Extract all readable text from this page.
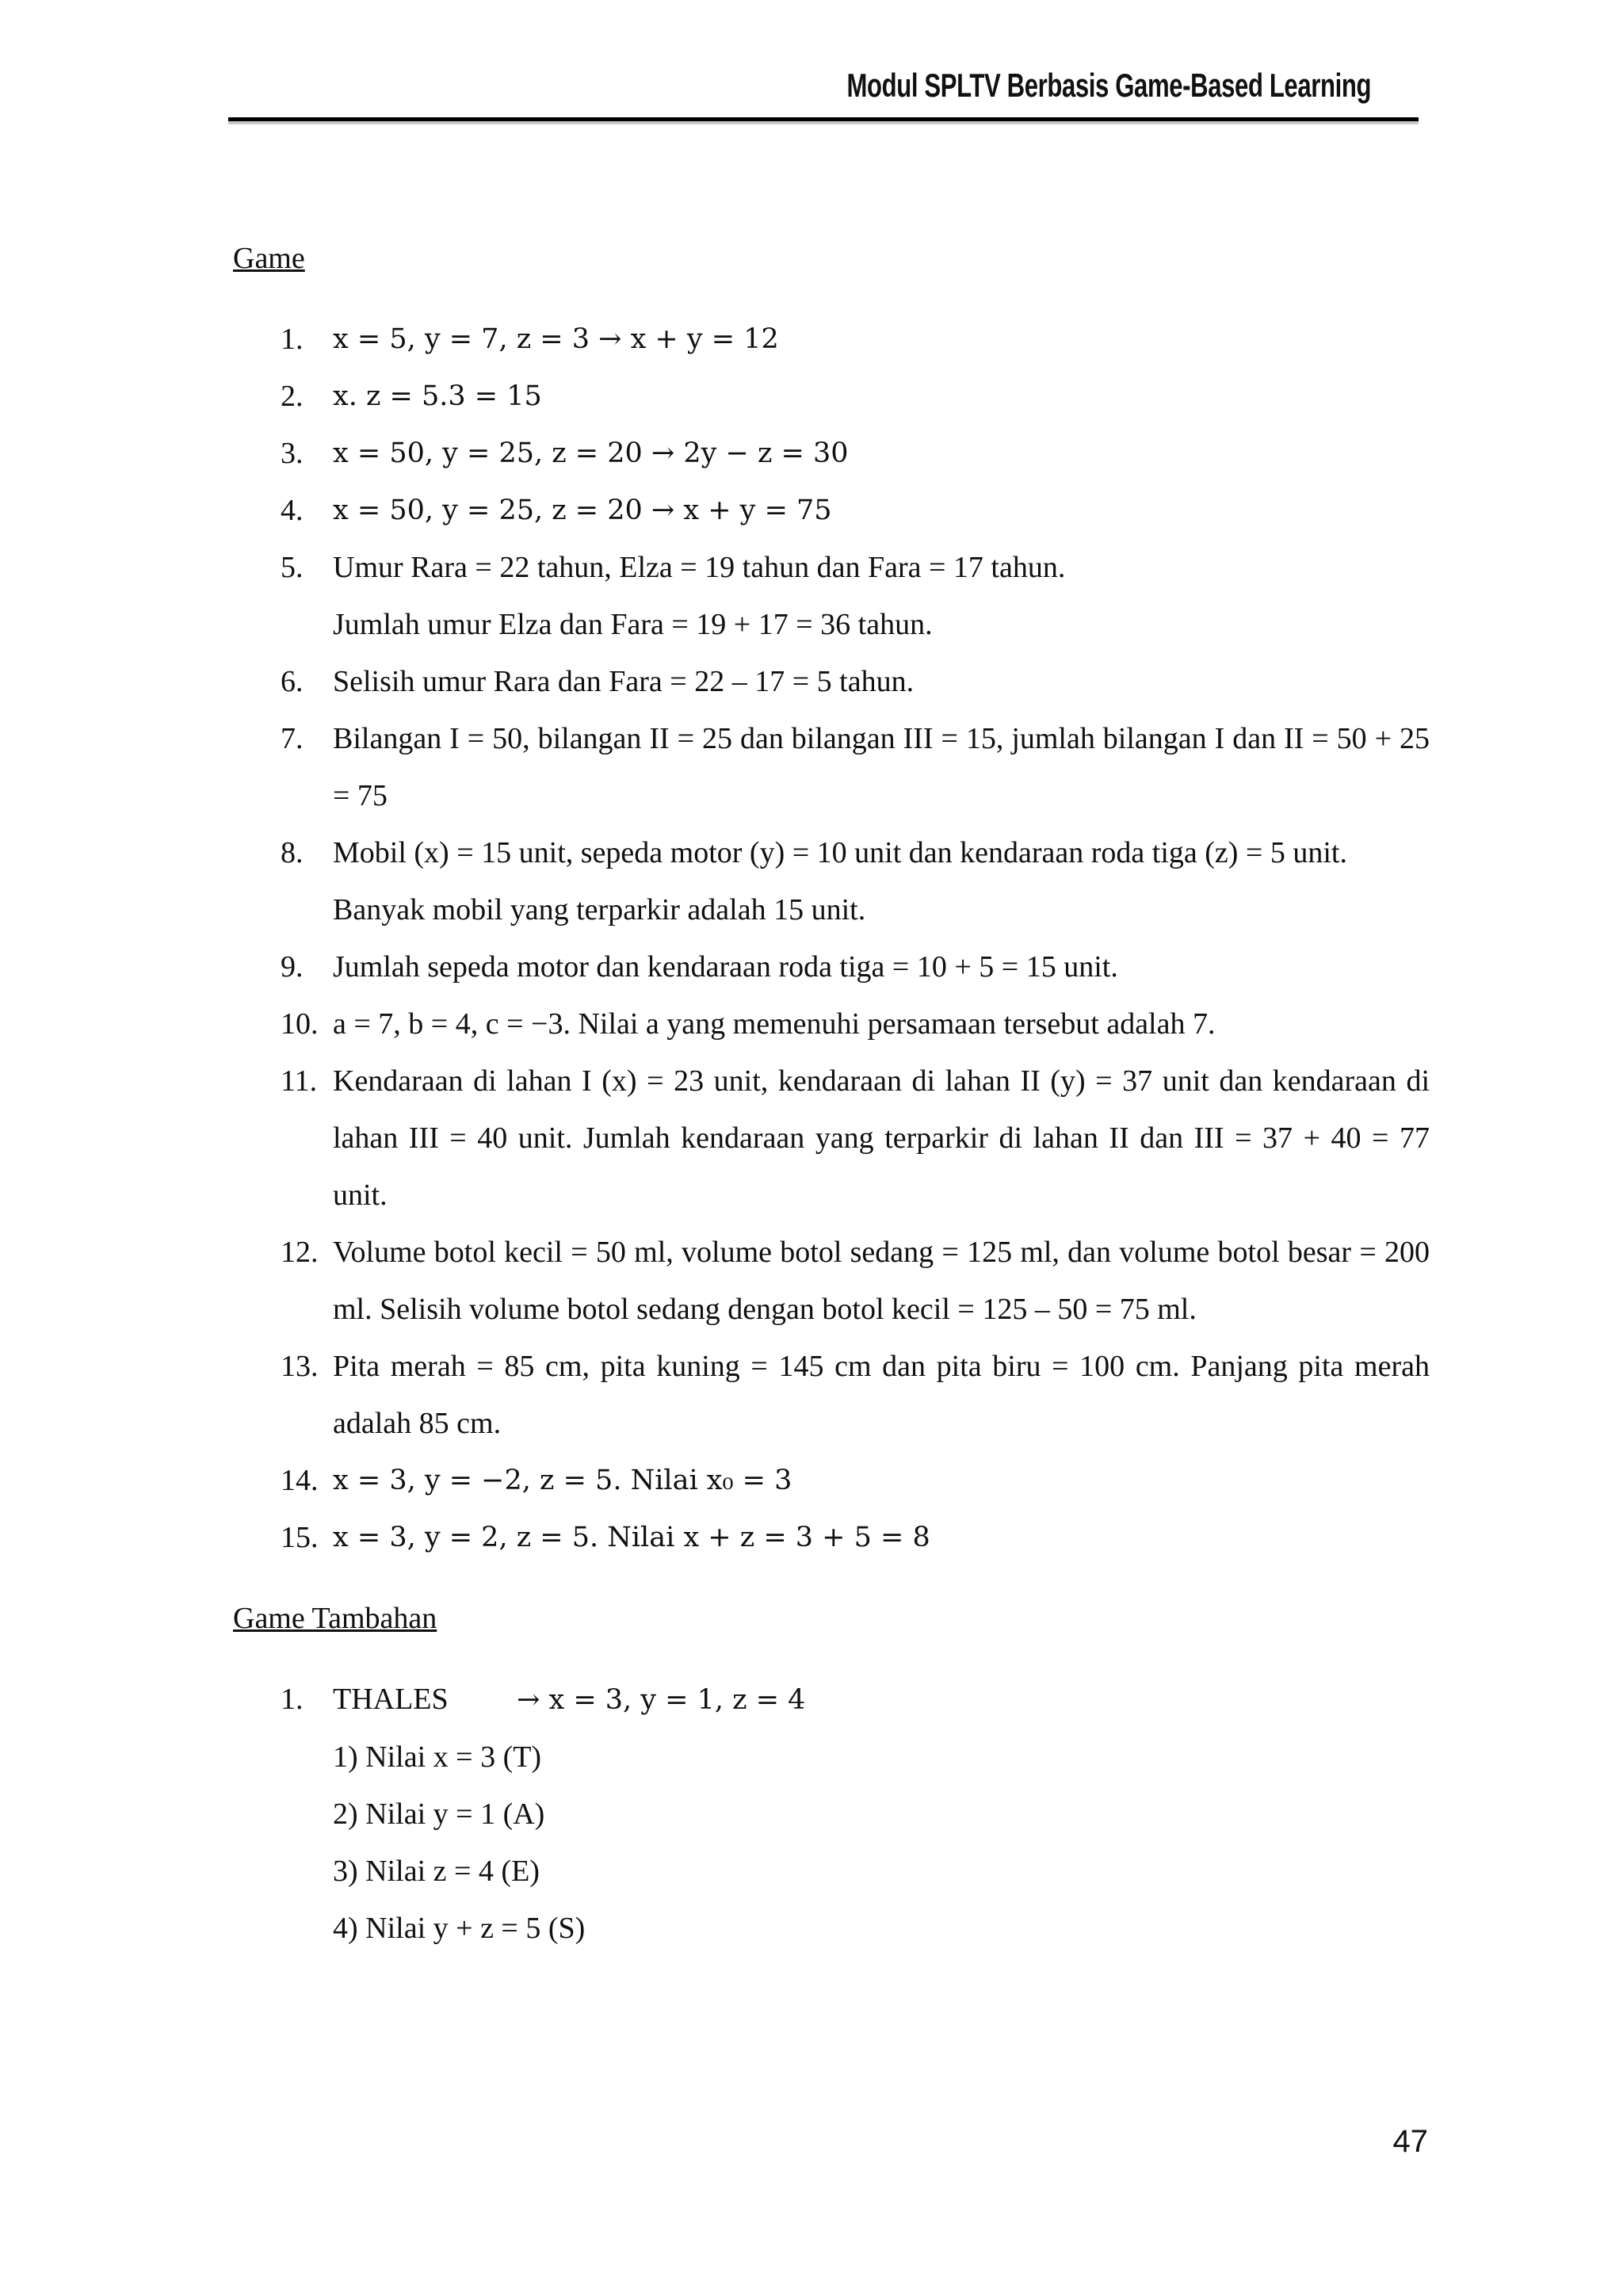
Modul SPLTV Berbasis Game-Based Learning
Game
1.	x = 5, y = 7, z = 3 → x + y = 12

2.	x. z = 5.3 = 15

3.	x = 50, y = 25, z = 20 → 2y − z = 30

4.	x = 50, y = 25, z = 20 → x + y = 75

5. Umur Rara = 22 tahun, Elza = 19 tahun dan Fara = 17 tahun.

Jumlah umur Elza dan Fara = 19 + 17 = 36 tahun.

6. Selisih umur Rara dan Fara = 22 – 17 = 5 tahun.

7. Bilangan I = 50, bilangan II = 25 dan bilangan III = 15, jumlah bilangan I dan II = 50 + 25 = 75

8. Mobil (x) = 15 unit, sepeda motor (y) = 10 unit dan kendaraan roda tiga (z) = 5 unit.

Banyak mobil yang terparkir adalah 15 unit.

9. Jumlah sepeda motor dan kendaraan roda tiga = 10 + 5 = 15 unit.

10. a = 7, b = 4, c = −3. Nilai a yang memenuhi persamaan tersebut adalah 7.

11. Kendaraan di lahan I (x) = 23 unit, kendaraan di lahan II (y) = 37 unit dan kendaraan di lahan III = 40 unit. Jumlah kendaraan yang terparkir di lahan II dan III = 37 + 40 = 77 unit.

12. Volume botol kecil = 50 ml, volume botol sedang = 125 ml, dan volume botol besar = 200 ml. Selisih volume botol sedang dengan botol kecil = 125 – 50 = 75 ml.

13. Pita merah = 85 cm, pita kuning = 145 cm dan pita biru = 100 cm. Panjang pita merah adalah 85 cm.

14. x = 3, y = −2, z = 5. Nilai x₀ = 3

15. x = 3, y = 2, z = 5. Nilai x + z = 3 + 5 = 8

Game Tambahan
1. THALES → x = 3, y = 1, z = 4
1) Nilai x = 3 (T)
2) Nilai y = 1 (A)
3) Nilai z = 4 (E)
4) Nilai y + z = 5 (S)
47
